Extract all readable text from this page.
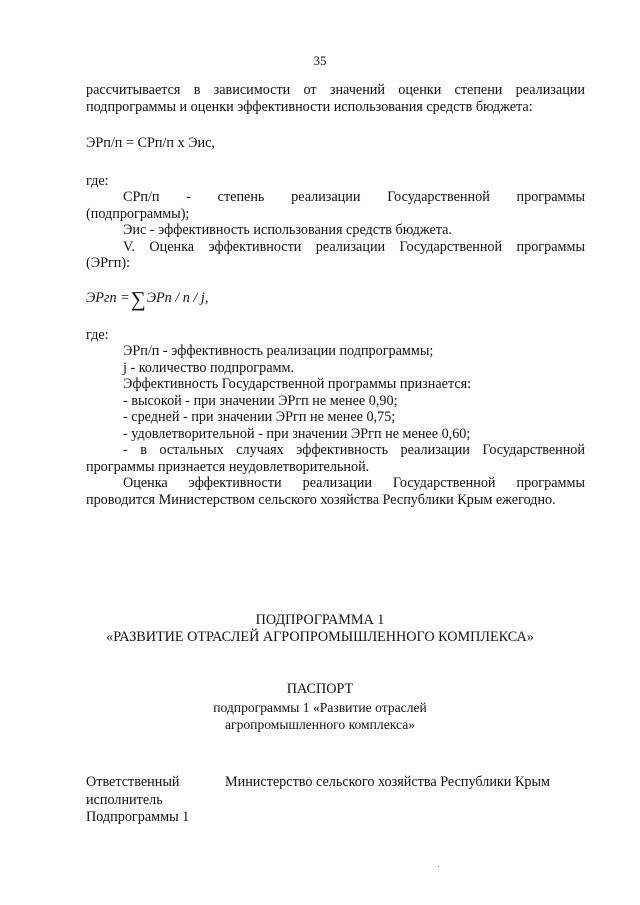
35

рассчитывается в зависимости от значений оценки степени реализации

подпрограммы и оценки эффективности использования средств бюджета:

ЭРп/п = СРп/п х Эис,

где:

СРп/п - степень реализации Государственной программы

(подпрограммы);

Эис - эффективность использования средств бюджета.

V. Оценка эффективности реализации Государственной программы

(ЭРгп):

ЭРгп = ∑ ЭРп / п / j,

где:

ЭРп/п - эффективность реализации подпрограммы;

j - количество подпрограмм.

Эффективность Государственной программы признается:

- высокой - при значении ЭРгп не менее 0,90;

- средней - при значении ЭРгп не менее 0,75;

- удовлетворительной - при значении ЭРгп не менее 0,60;

- в остальных случаях эффективность реализации Государственной

программы признается неудовлетворительной.

Оценка эффективности реализации Государственной программы

проводится Министерством сельского хозяйства Республики Крым ежегодно.

ПОДПРОГРАММА 1
«РАЗВИТИЕ ОТРАСЛЕЙ АГРОПРОМЫШЛЕННОГО КОМПЛЕКСА»
ПАСПОРТ
подпрограммы 1 «Развитие отраслей
агропромышленного комплекса»
Ответственный
исполнитель
Подпрограммы 1
Министерство сельского хозяйства Республики Крым
